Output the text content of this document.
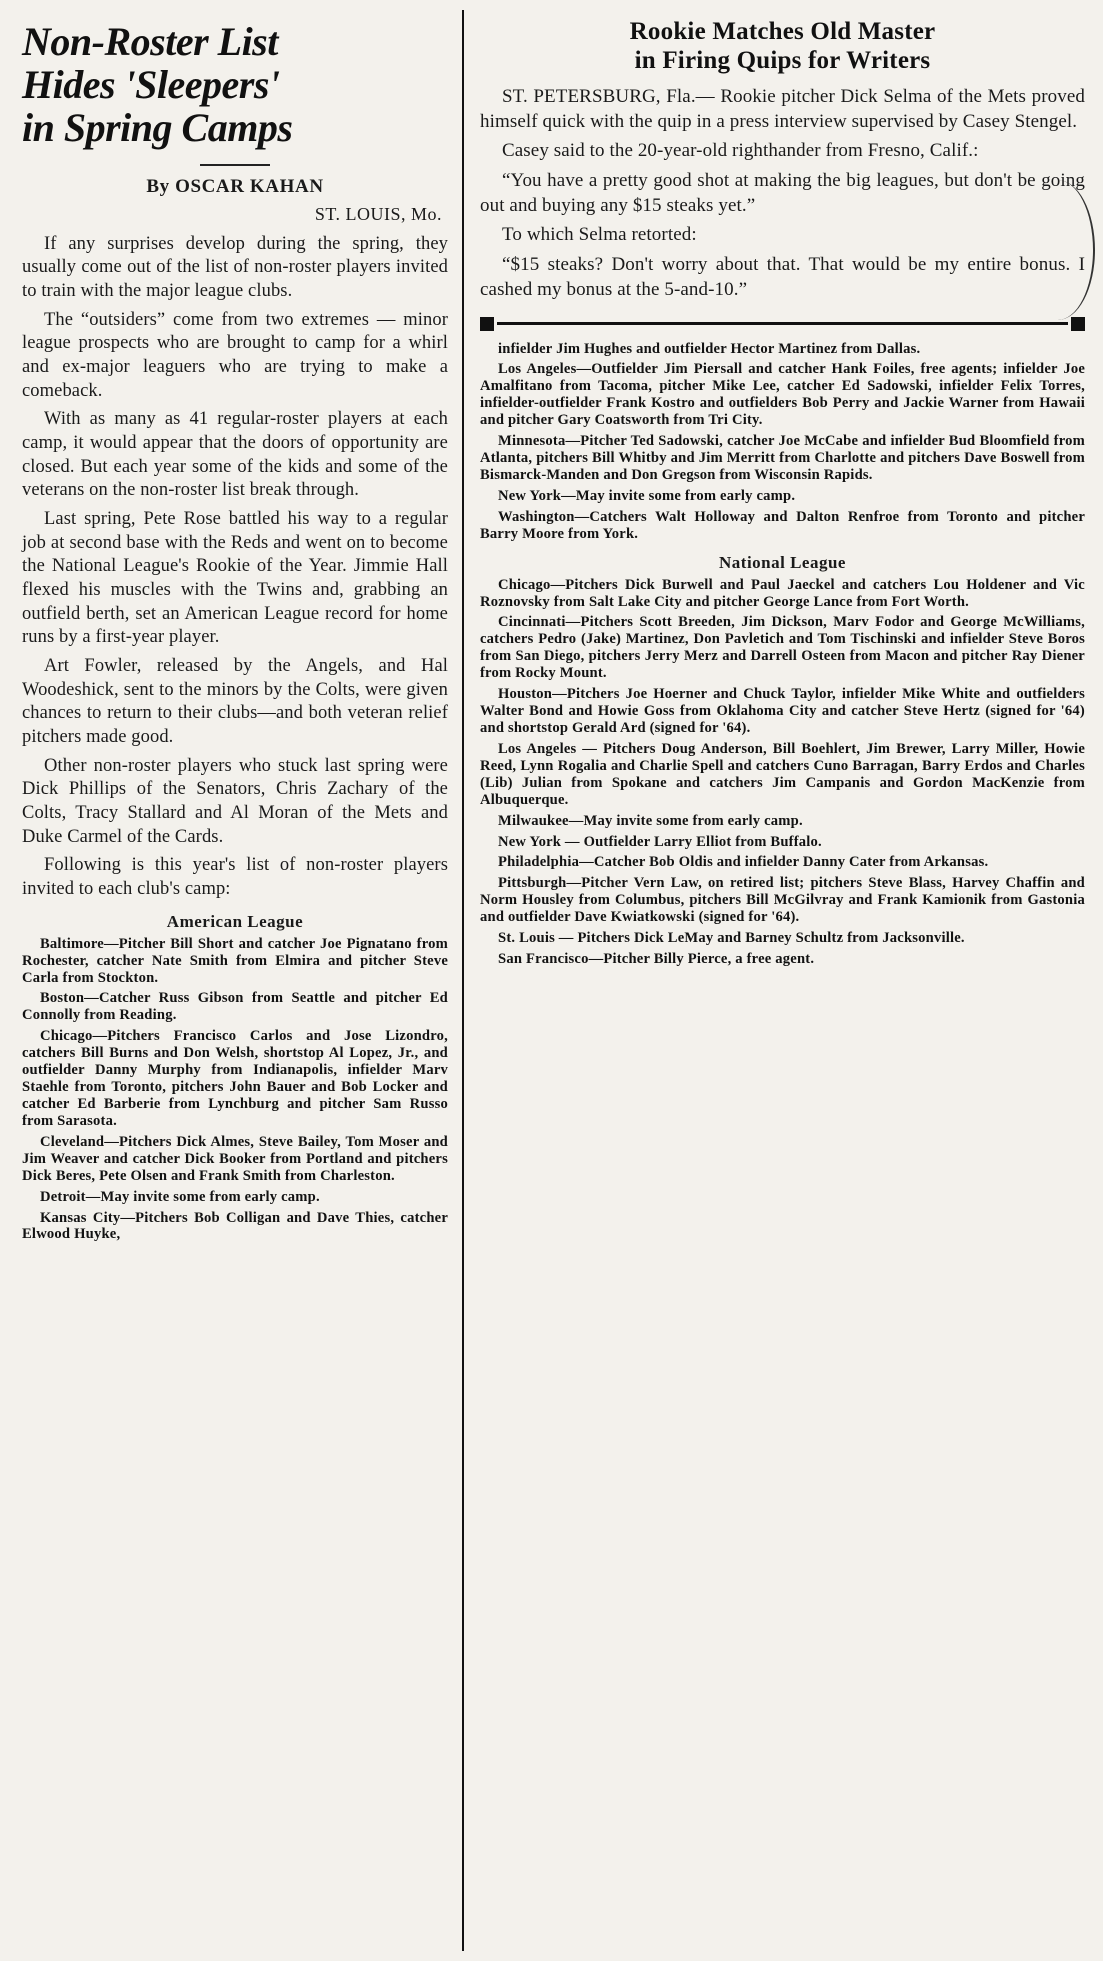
Non-Roster List
Hides 'Sleepers'
in Spring Camps
By OSCAR KAHAN
ST. LOUIS, Mo.

If any surprises develop during the spring, they usually come out of the list of non-roster players invited to train with the major league clubs.

The “outsiders” come from two extremes — minor league prospects who are brought to camp for a whirl and ex-major leaguers who are trying to make a comeback.

With as many as 41 regular-roster players at each camp, it would appear that the doors of opportunity are closed. But each year some of the kids and some of the veterans on the non-roster list break through.

Last spring, Pete Rose battled his way to a regular job at second base with the Reds and went on to become the National League's Rookie of the Year. Jimmie Hall flexed his muscles with the Twins and, grabbing an outfield berth, set an American League record for home runs by a first-year player.

Art Fowler, released by the Angels, and Hal Woodeshick, sent to the minors by the Colts, were given chances to return to their clubs—and both veteran relief pitchers made good.

Other non-roster players who stuck last spring were Dick Phillips of the Senators, Chris Zachary of the Colts, Tracy Stallard and Al Moran of the Mets and Duke Carmel of the Cards.

Following is this year's list of non-roster players invited to each club's camp:

American League

Baltimore—Pitcher Bill Short and catcher Joe Pignatano from Rochester, catcher Nate Smith from Elmira and pitcher Steve Carla from Stockton.

Boston—Catcher Russ Gibson from Seattle and pitcher Ed Connolly from Reading.

Chicago—Pitchers Francisco Carlos and Jose Lizondro, catchers Bill Burns and Don Welsh, shortstop Al Lopez, Jr., and outfielder Danny Murphy from Indianapolis, infielder Marv Staehle from Toronto, pitchers John Bauer and Bob Locker and catcher Ed Barberie from Lynchburg and pitcher Sam Russo from Sarasota.

Cleveland—Pitchers Dick Almes, Steve Bailey, Tom Moser and Jim Weaver and catcher Dick Booker from Portland and pitchers Dick Beres, Pete Olsen and Frank Smith from Charleston.

Detroit—May invite some from early camp.

Kansas City—Pitchers Bob Colligan and Dave Thies, catcher Elwood Huyke,

Rookie Matches Old Master
in Firing Quips for Writers

ST. PETERSBURG, Fla.— Rookie pitcher Dick Selma of the Mets proved himself quick with the quip in a press interview supervised by Casey Stengel.

Casey said to the 20-year-old righthander from Fresno, Calif.:

“You have a pretty good shot at making the big leagues, but don't be going out and buying any $15 steaks yet.”

To which Selma retorted:

“$15 steaks? Don't worry about that. That would be my entire bonus. I cashed my bonus at the 5-and-10.”

infielder Jim Hughes and outfielder Hector Martinez from Dallas.

Los Angeles—Outfielder Jim Piersall and catcher Hank Foiles, free agents; infielder Joe Amalfitano from Tacoma, pitcher Mike Lee, catcher Ed Sadowski, infielder Felix Torres, infielder-outfielder Frank Kostro and outfielders Bob Perry and Jackie Warner from Hawaii and pitcher Gary Coatsworth from Tri City.

Minnesota—Pitcher Ted Sadowski, catcher Joe McCabe and infielder Bud Bloomfield from Atlanta, pitchers Bill Whitby and Jim Merritt from Charlotte and pitchers Dave Boswell from Bismarck-Manden and Don Gregson from Wisconsin Rapids.

New York—May invite some from early camp.

Washington—Catchers Walt Holloway and Dalton Renfroe from Toronto and pitcher Barry Moore from York.

National League

Chicago—Pitchers Dick Burwell and Paul Jaeckel and catchers Lou Holdener and Vic Roznovsky from Salt Lake City and pitcher George Lance from Fort Worth.

Cincinnati—Pitchers Scott Breeden, Jim Dickson, Marv Fodor and George McWilliams, catchers Pedro (Jake) Martinez, Don Pavletich and Tom Tischinski and infielder Steve Boros from San Diego, pitchers Jerry Merz and Darrell Osteen from Macon and pitcher Ray Diener from Rocky Mount.

Houston—Pitchers Joe Hoerner and Chuck Taylor, infielder Mike White and outfielders Walter Bond and Howie Goss from Oklahoma City and catcher Steve Hertz (signed for '64) and shortstop Gerald Ard (signed for '64).

Los Angeles — Pitchers Doug Anderson, Bill Boehlert, Jim Brewer, Larry Miller, Howie Reed, Lynn Rogalia and Charlie Spell and catchers Cuno Barragan, Barry Erdos and Charles (Lib) Julian from Spokane and catchers Jim Campanis and Gordon MacKenzie from Albuquerque.

Milwaukee—May invite some from early camp.

New York — Outfielder Larry Elliot from Buffalo.

Philadelphia—Catcher Bob Oldis and infielder Danny Cater from Arkansas.

Pittsburgh—Pitcher Vern Law, on retired list; pitchers Steve Blass, Harvey Chaffin and Norm Housley from Columbus, pitchers Bill McGilvray and Frank Kamionik from Gastonia and outfielder Dave Kwiatkowski (signed for '64).

St. Louis — Pitchers Dick LeMay and Barney Schultz from Jacksonville.

San Francisco—Pitcher Billy Pierce, a free agent.
